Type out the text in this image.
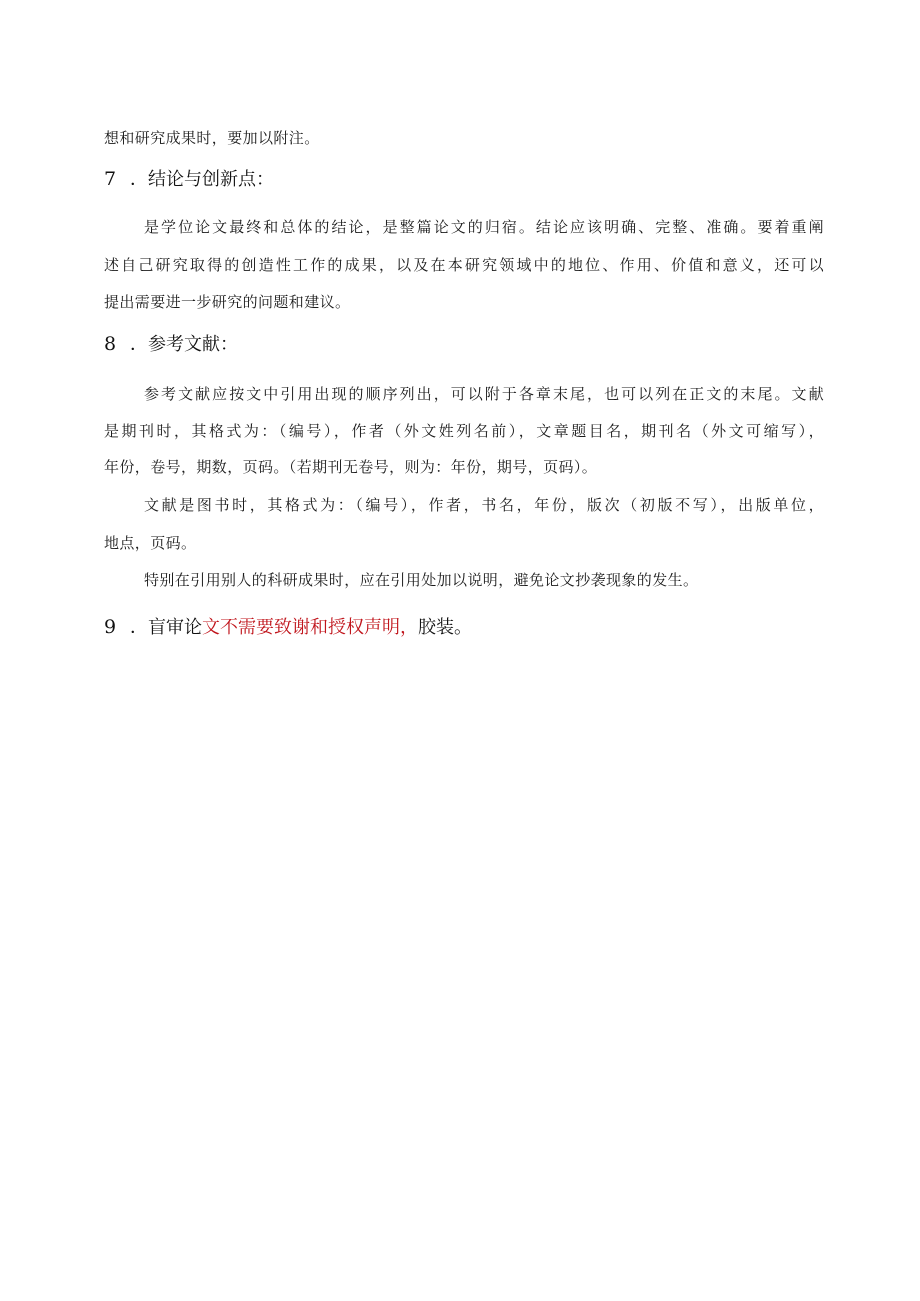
想和研究成果时，要加以附注。
7 ．结论与创新点：
是学位论文最终和总体的结论，是整篇论文的归宿。结论应该明确、完整、准确。要着重阐
述自己研究取得的创造性工作的成果，以及在本研究领域中的地位、作用、价值和意义，还可以
提出需要进一步研究的问题和建议。
8 ．参考文献：
参考文献应按文中引用出现的顺序列出，可以附于各章末尾，也可以列在正文的末尾。文献
是期刊时，其格式为：（编号），作者（外文姓列名前），文章题目名，期刊名（外文可缩写），
年份，卷号，期数，页码。（若期刊无卷号，则为：年份，期号，页码）。
文献是图书时，其格式为：（编号），作者，书名，年份，版次（初版不写），出版单位，
地点，页码。
特别在引用别人的科研成果时，应在引用处加以说明，避免论文抄袭现象的发生。
9 ．盲审论文不需要致谢和授权声明，胶装。
